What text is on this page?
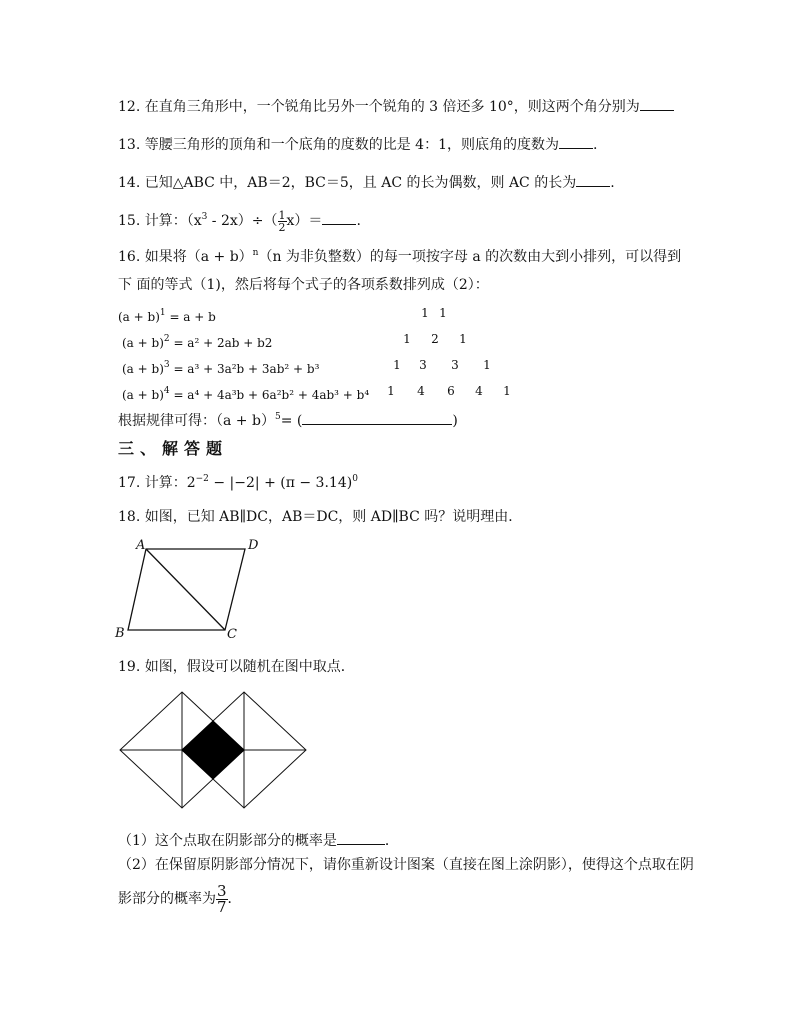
12. 在直角三角形中，一个锐角比另外一个锐角的 3 倍还多 10°，则这两个角分别为
13. 等腰三角形的顶角和一个底角的度数的比是 4：1，则底角的度数为 .
14. 已知△ABC 中，AB＝2，BC＝5，且 AC 的长为偶数，则 AC 的长为 .
15. 计算：$(x^3 - 2x)\div( \frac{1}{2} x)=$ .
16. 如果将$(a + b)^n(n$ 为非负整数）的每一项按字母 a 的次数由大到小排列，可以得到
下 面的等式（1)，然后将每个式子的各项系数排列成（2）：
$(a + b)^1 = a + b$
$(a + b)^2 = a^2 + 2ab + b2$
$(a + b)^3 = a^3 + 3a^2b + 3ab^2 + b^3$
$(a + b)^4 = a^4 + 4a^3b + 6a^2b^2 + 4ab^3 + b^4$
1 1
1 2 1
1 3 3 1
1 4 6 4 1
根据规律可得：$(a + b)^5=$ (	)
三、解答题
17. 计算：$2^{-2} - |-2| + (\pi - 3.14)^0$
18. 如图，已知 AB∥DC，AB＝DC，则 AD∥BC 吗？说明理由．
A	D
B	C
19. 如图，假设可以随机在图中取点．
（1）这个点取在阴影部分的概率是	．
（2）在保留原阴影部分情况下，请你重新设计图案（直接在图上涂阴影），使得这个点取在阴
影部分的概率为 $\frac{3}{7}$ ．
